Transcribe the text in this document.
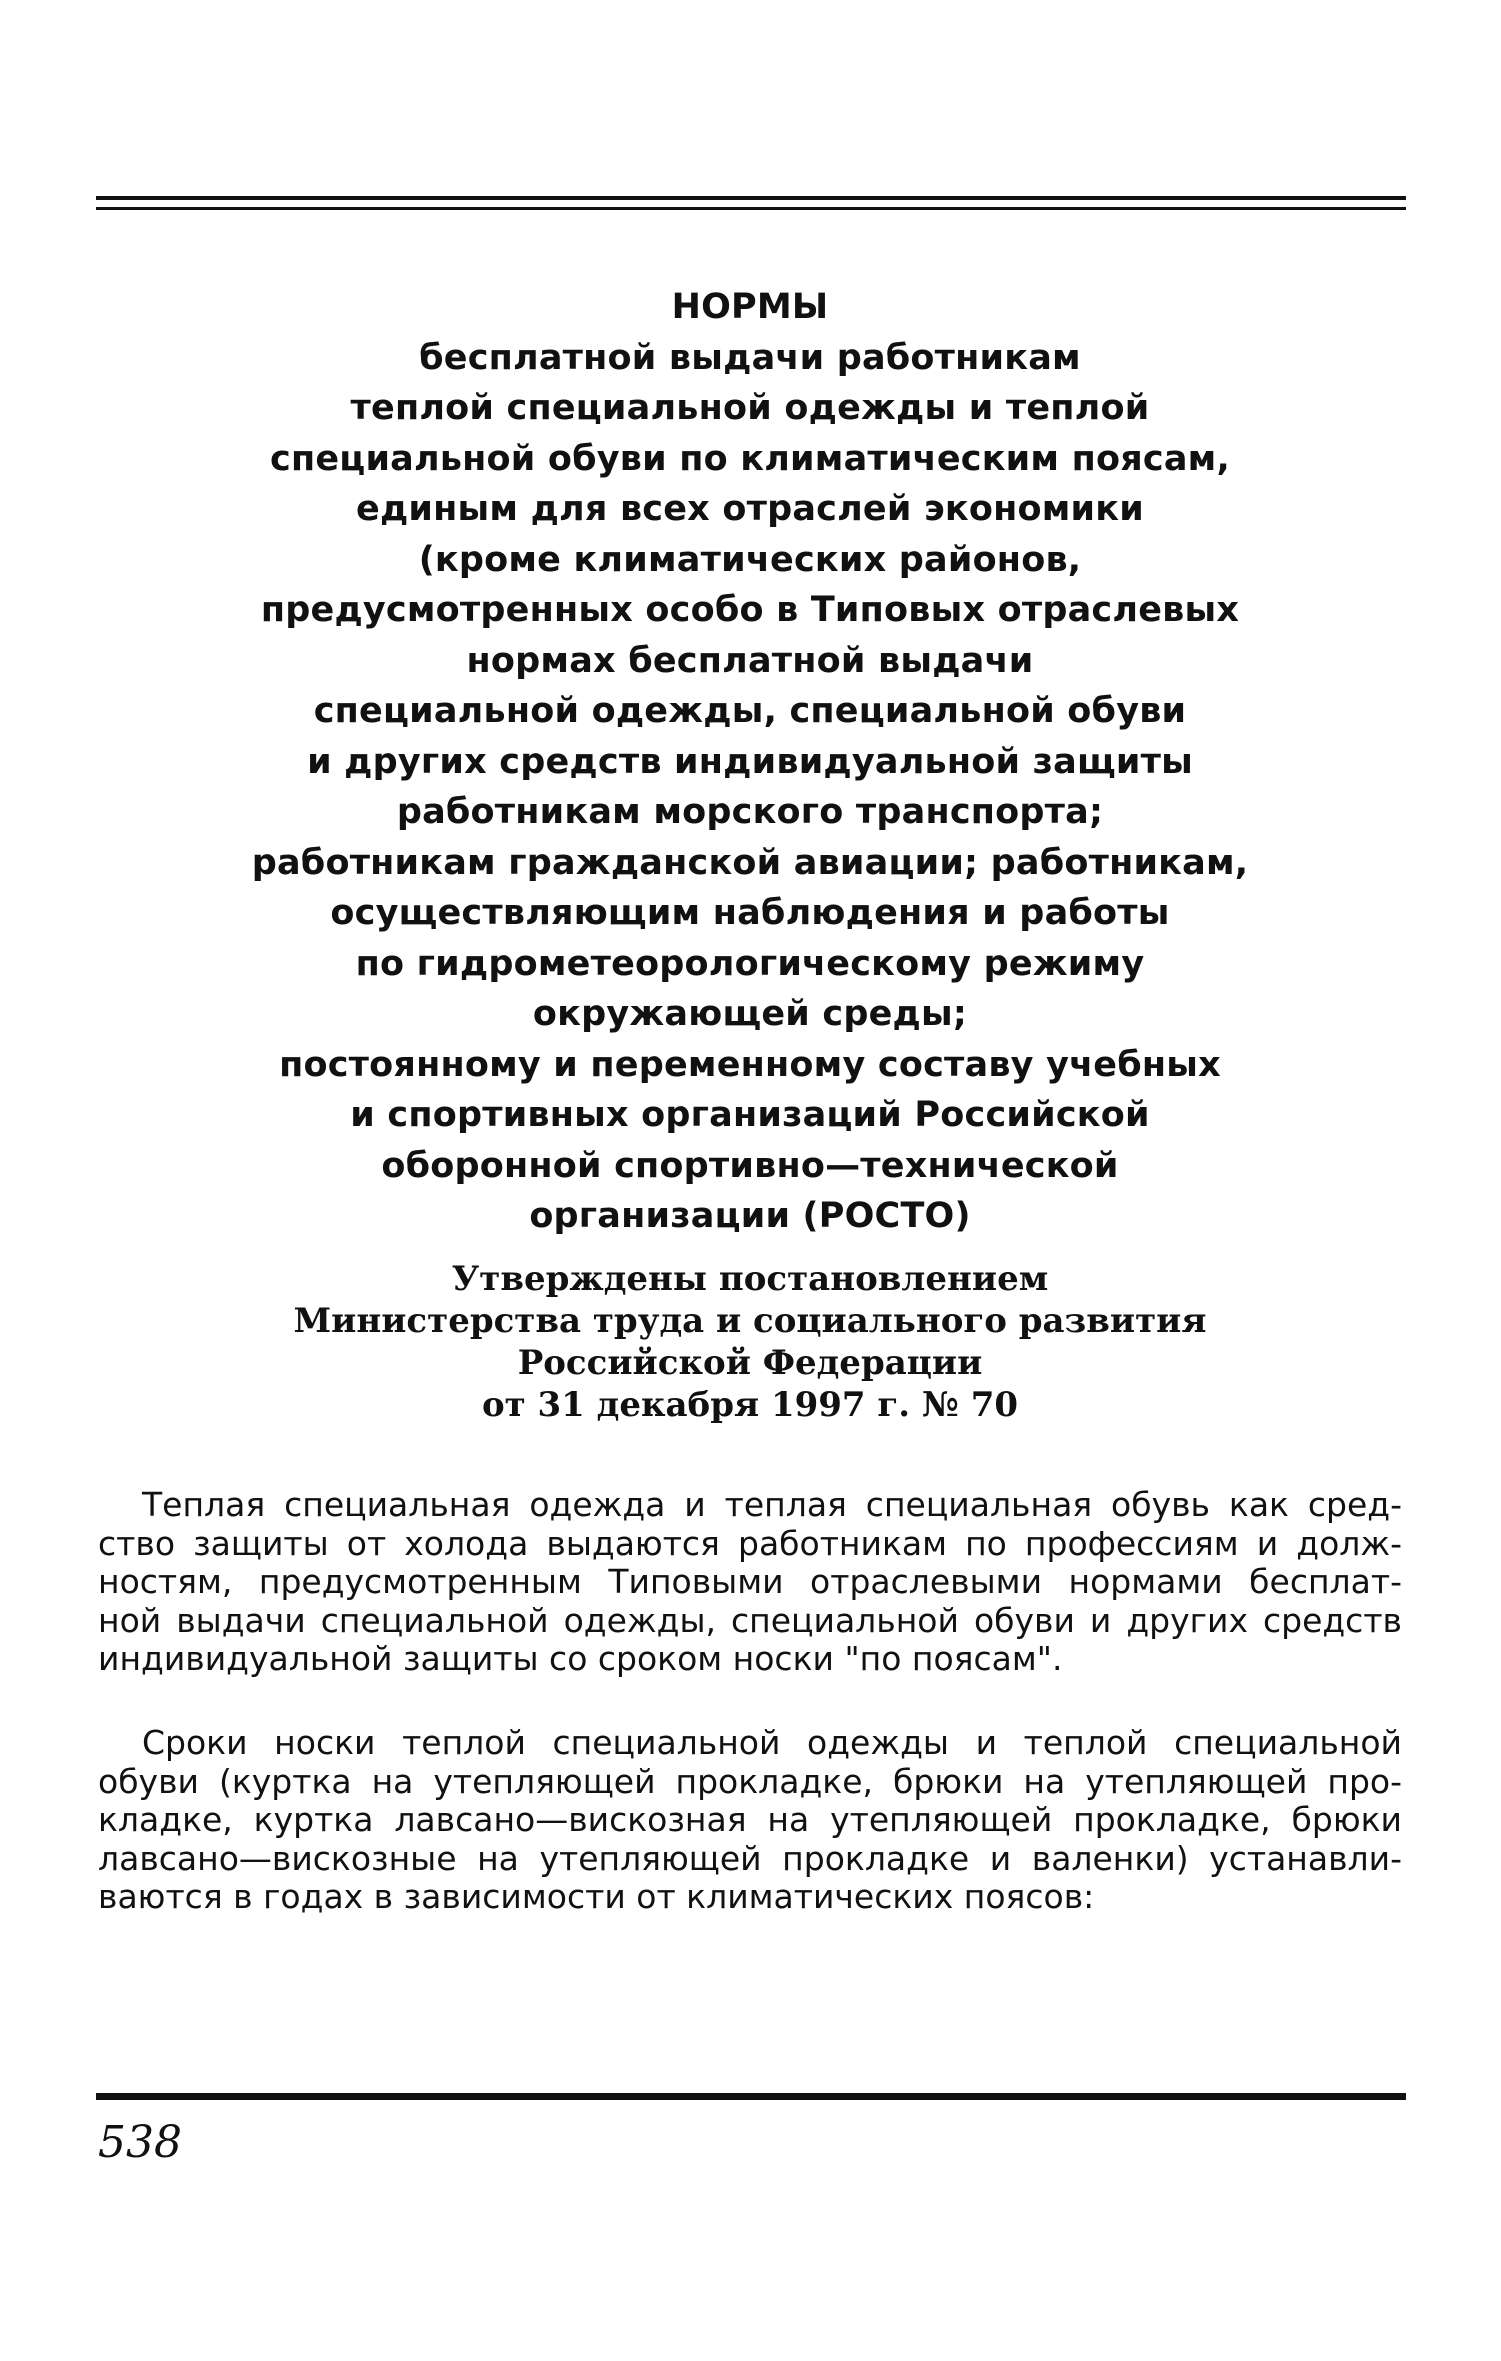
НОРМЫ
бесплатной выдачи работникам
теплой специальной одежды и теплой
специальной обуви по климатическим поясам,
единым для всех отраслей экономики
(кроме климатических районов,
предусмотренных особо в Типовых отраслевых
нормах бесплатной выдачи
специальной одежды, специальной обуви
и других средств индивидуальной защиты
работникам морского транспорта;
работникам гражданской авиации; работникам,
осуществляющим наблюдения и работы
по гидрометеорологическому режиму
окружающей среды;
постоянному и переменному составу учебных
и спортивных организаций Российской
оборонной спортивно—технической
организации (РОСТО)
Утверждены постановлением
Министерства труда и социального развития
Российской Федерации
от 31 декабря 1997 г. № 70
Теплая специальная одежда и теплая специальная обувь как сред-
ство защиты от холода выдаются работникам по профессиям и долж-
ностям, предусмотренным Типовыми отраслевыми нормами бесплат-
ной выдачи специальной одежды, специальной обуви и других средств
индивидуальной защиты со сроком носки "по поясам".
Сроки носки теплой специальной одежды и теплой специальной
обуви (куртка на утепляющей прокладке, брюки на утепляющей про-
кладке, куртка лавсано—вискозная на утепляющей прокладке, брюки
лавсано—вискозные на утепляющей прокладке и валенки) устанавли-
ваются в годах в зависимости от климатических поясов:
538
